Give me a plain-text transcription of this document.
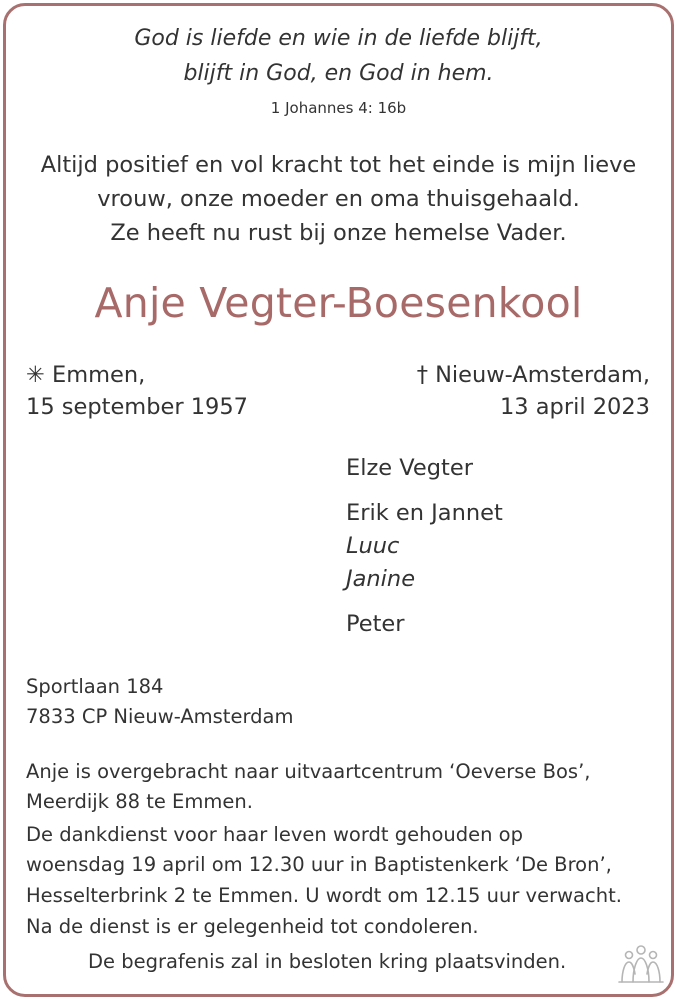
God is liefde en wie in de liefde blijft,
blijft in God, en God in hem.
1 Johannes 4: 16b
Altijd positief en vol kracht tot het einde is mijn lieve
vrouw, onze moeder en oma thuisgehaald.
Ze heeft nu rust bij onze hemelse Vader.
Anje Vegter-Boesenkool
✳ Emmen,
15 september 1957
† Nieuw-Amsterdam,
13 april 2023
Elze Vegter
Erik en Jannet
Luuc
Janine
Peter
Sportlaan 184
7833 CP Nieuw-Amsterdam
Anje is overgebracht naar uitvaartcentrum ‘Oeverse Bos’,
Meerdijk 88 te Emmen.
De dankdienst voor haar leven wordt gehouden op
woensdag 19 april om 12.30 uur in Baptistenkerk ‘De Bron’,
Hesselterbrink 2 te Emmen. U wordt om 12.15 uur verwacht.
Na de dienst is er gelegenheid tot condoleren.
De begrafenis zal in besloten kring plaatsvinden.
